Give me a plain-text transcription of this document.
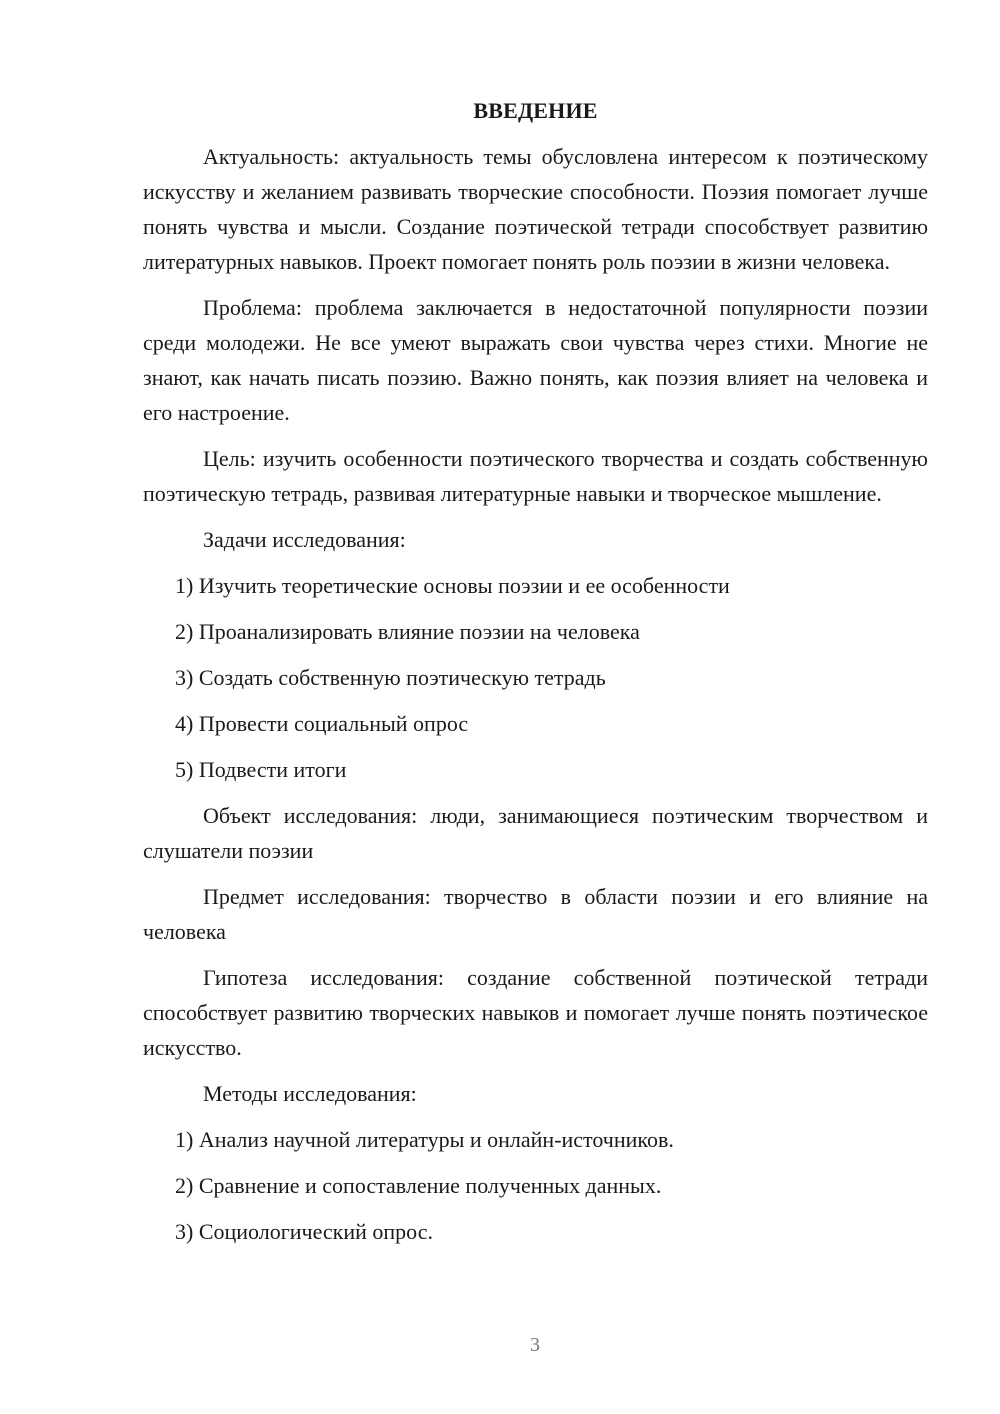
ВВЕДЕНИЕ

Актуальность: актуальность темы обусловлена интересом к поэтическому искусству и желанием развивать творческие способности. Поэзия помогает лучше понять чувства и мысли. Создание поэтической тетради способствует развитию литературных навыков. Проект помогает понять роль поэзии в жизни человека.

Проблема: проблема заключается в недостаточной популярности поэзии среди молодежи. Не все умеют выражать свои чувства через стихи. Многие не знают, как начать писать поэзию. Важно понять, как поэзия влияет на человека и его настроение.

Цель: изучить особенности поэтического творчества и создать собственную поэтическую тетрадь, развивая литературные навыки и творческое мышление.

Задачи исследования:

1) Изучить теоретические основы поэзии и ее особенности
2) Проанализировать влияние поэзии на человека
3) Создать собственную поэтическую тетрадь
4) Провести социальный опрос
5) Подвести итоги

Объект исследования: люди, занимающиеся поэтическим творчеством и слушатели поэзии

Предмет исследования: творчество в области поэзии и его влияние на человека

Гипотеза исследования: создание собственной поэтической тетради способствует развитию творческих навыков и помогает лучше понять поэтическое искусство.

Методы исследования:

1) Анализ научной литературы и онлайн-источников.
2) Сравнение и сопоставление полученных данных.
3) Социологический опрос.
3
